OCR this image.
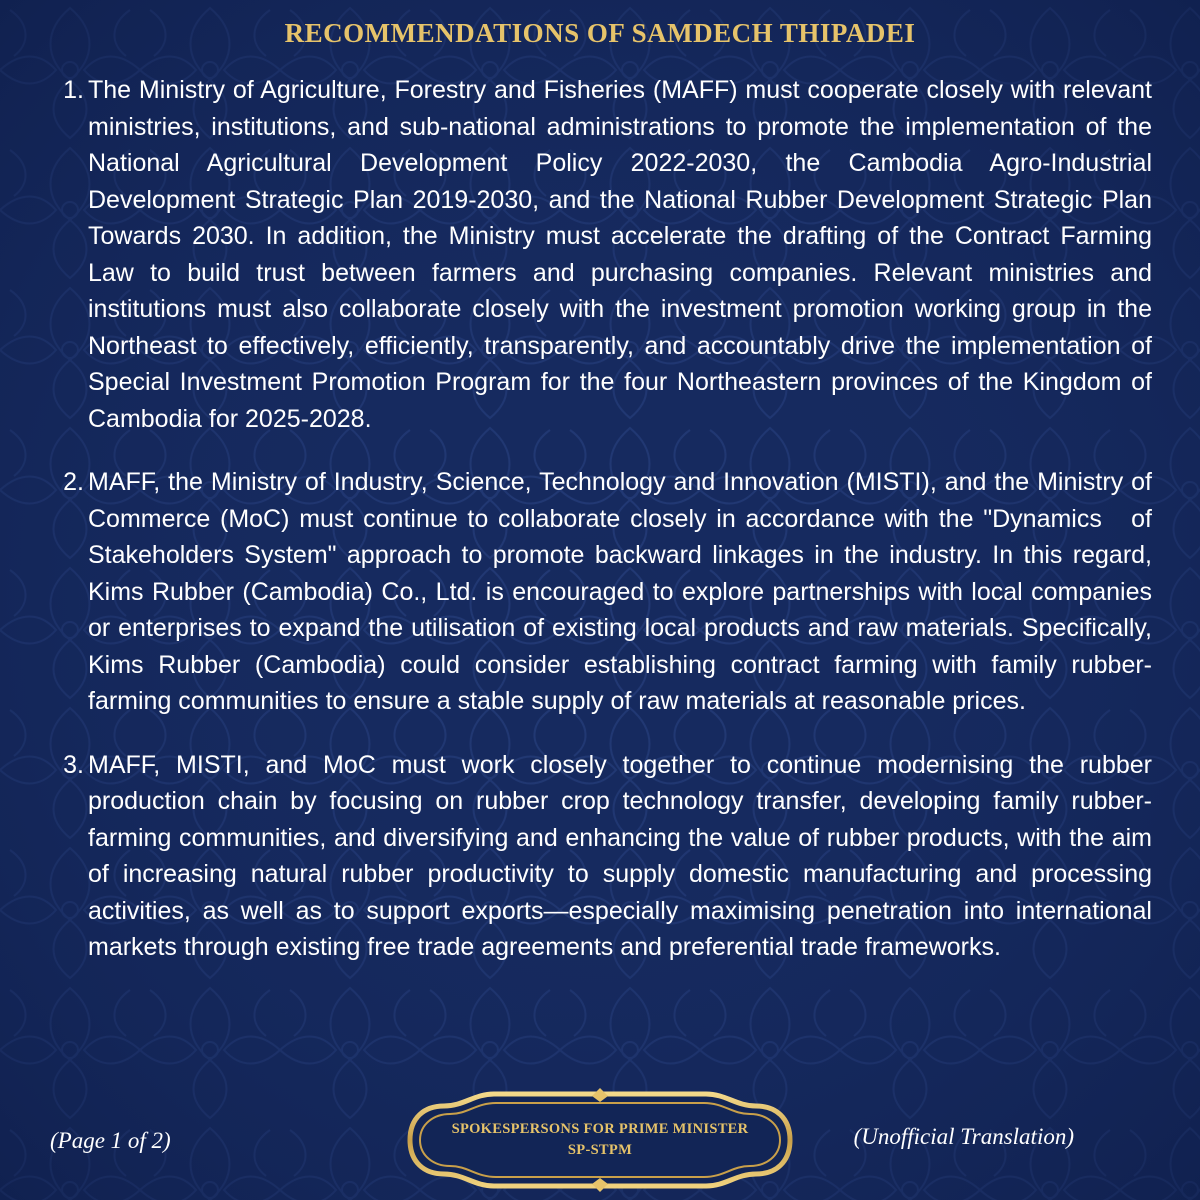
RECOMMENDATIONS OF SAMDECH THIPADEI
1. The Ministry of Agriculture, Forestry and Fisheries (MAFF) must cooperate closely with relevant ministries, institutions, and sub-national administrations to promote the implementation of the National Agricultural Development Policy 2022-2030, the Cambodia Agro-Industrial Development Strategic Plan 2019-2030, and the National Rubber Development Strategic Plan Towards 2030. In addition, the Ministry must accelerate the drafting of the Contract Farming Law to build trust between farmers and purchasing companies. Relevant ministries and institutions must also collaborate closely with the investment promotion working group in the Northeast to effectively, efficiently, transparently, and accountably drive the implementation of Special Investment Promotion Program for the four Northeastern provinces of the Kingdom of Cambodia for 2025-2028.
2. MAFF, the Ministry of Industry, Science, Technology and Innovation (MISTI), and the Ministry of Commerce (MoC) must continue to collaborate closely in accordance with the "Dynamics   of Stakeholders System" approach to promote backward linkages in the industry. In this regard, Kims Rubber (Cambodia) Co., Ltd. is encouraged to explore partnerships with local companies or enterprises to expand the utilisation of existing local products and raw materials. Specifically, Kims Rubber (Cambodia) could consider establishing contract farming with family rubber-farming communities to ensure a stable supply of raw materials at reasonable prices.
3. MAFF, MISTI, and MoC must work closely together to continue modernising the rubber production chain by focusing on rubber crop technology transfer, developing family rubber-farming communities, and diversifying and enhancing the value of rubber products, with the aim of increasing natural rubber productivity to supply domestic manufacturing and processing activities, as well as to support exports—especially maximising penetration into international markets through existing free trade agreements and preferential trade frameworks.
(Page 1 of 2)	SPOKESPERSONS FOR PRIME MINISTER
SP-STPM
(Unofficial Translation)
